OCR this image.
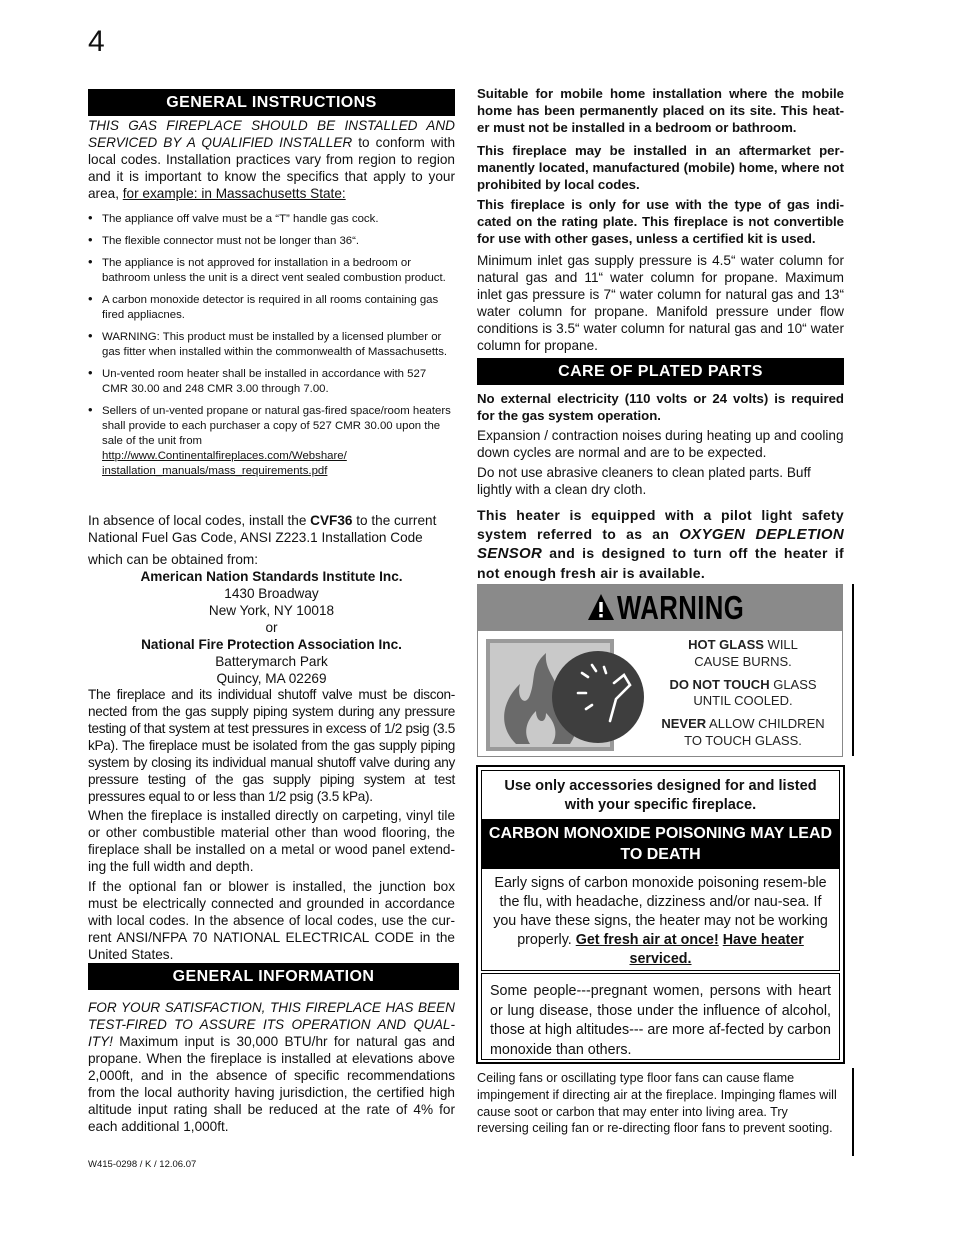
4
GENERAL INSTRUCTIONS

THIS GAS FIREPLACE SHOULD BE INSTALLED AND SERVICED BY A QUALIFIED INSTALLER to conform with local codes. Installation practices vary from region to region and it is important to know the specifics that apply to your area, for example: in Massachusetts State:

• The appliance off valve must be a “T” handle gas cock.
• The flexible connector must not be longer than 36“.
• The appliance is not approved for installation in a bedroom or bathroom unless the unit is a direct vent sealed combustion product.
• A carbon monoxide detector is required in all rooms containing gas fired appliacnes.
• WARNING: This product must be installed by a licensed plumber or gas fitter when installed within the commonwealth of Massachusetts.
• Un-vented room heater shall be installed in accordance with 527 CMR 30.00 and 248 CMR 3.00 through 7.00.
• Sellers of un-vented propane or natural gas-fired space/room heaters shall provide to each purchaser a copy of 527 CMR 30.00 upon the sale of the unit from
http://www.Continentalfireplaces.com/Webshare/ installation_manuals/mass_requirements.pdf

In absence of local codes, install the CVF36 to the current National Fuel Gas Code, ANSI Z223.1 Installation Code

which can be obtained from:

American Nation Standards Institute Inc.
1430 Broadway
New York, NY 10018
or
National Fire Protection Association Inc.
Batterymarch Park
Quincy, MA 02269

The fireplace and its individual shutoff valve must be discon-nected from the gas supply piping system during any pressure testing of that system at test pressures in excess of 1/2 psig (3.5 kPa). The fireplace must be isolated from the gas supply piping system by closing its individual manual shutoff valve during any pressure testing of the gas supply piping system at test pressures equal to or less than 1/2 psig (3.5 kPa).

When the fireplace is installed directly on carpeting, vinyl tile or other combustible material other than wood flooring, the fireplace shall be installed on a metal or wood panel extend-ing the full width and depth.

If the optional fan or blower is installed, the junction box must be electrically connected and grounded in accordance with local codes. In the absence of local codes, use the cur-rent ANSI/NFPA 70 NATIONAL ELECTRICAL CODE in the United States.

GENERAL INFORMATION

FOR YOUR SATISFACTION, THIS FIREPLACE HAS BEEN TEST-FIRED TO ASSURE ITS OPERATION AND QUAL-ITY! Maximum input is 30,000 BTU/hr for natural gas and propane. When the fireplace is installed at elevations above 2,000ft, and in the absence of specific recommendations from the local authority having jurisdiction, the certified high altitude input rating shall be reduced at the rate of 4% for each additional 1,000ft.

W415-0298 / K / 12.06.07

Suitable for mobile home installation where the mobile home has been permanently placed on its site. This heat-er must not be installed in a bedroom or bathroom.

This fireplace may be installed in an aftermarket per-manently located, manufactured (mobile) home, where not prohibited by local codes.

This fireplace is only for use with the type of gas indi-cated on the rating plate. This fireplace is not convertible for use with other gases, unless a certified kit is used.

Minimum inlet gas supply pressure is 4.5“ water column for natural gas and 11“ water column for propane. Maximum inlet gas pressure is 7“ water column for natural gas and 13“ water column for propane. Manifold pressure under flow conditions is 3.5“ water column for natural gas and 10“ water column for propane.

CARE OF PLATED PARTS

No external electricity (110 volts or 24 volts) is required for the gas system operation.

Expansion / contraction noises during heating up and cooling down cycles are normal and are to be expected.

Do not use abrasive cleaners to clean plated parts. Buff lightly with a clean dry cloth.

This heater is equipped with a pilot light safety system referred to as an OXYGEN DEPLETION SENSOR and is designed to turn off the heater if not enough fresh air is available.

WARNING
HOT GLASS WILL
CAUSE BURNS.
DO NOT TOUCH GLASS
UNTIL COOLED.
NEVER ALLOW CHILDREN
TO TOUCH GLASS.
Use only accessories designed for and listed with your specific fireplace.
CARBON MONOXIDE POISONING MAY LEAD TO DEATH
Early signs of carbon monoxide poisoning resem-ble the flu, with headache, dizziness and/or nau-sea. If you have these signs, the heater may not be working properly. Get fresh air at once! Have heater serviced.
Some people---pregnant women, persons with heart or lung disease, those under the influence of alcohol, those at high altitudes--- are more af-fected by carbon monoxide than others.

Ceiling fans or oscillating type floor fans can cause flame impingement if directing air at the fireplace. Impinging flames will cause soot or carbon that may enter into living area. Try reversing ceiling fan or re-directing floor fans to prevent sooting.
